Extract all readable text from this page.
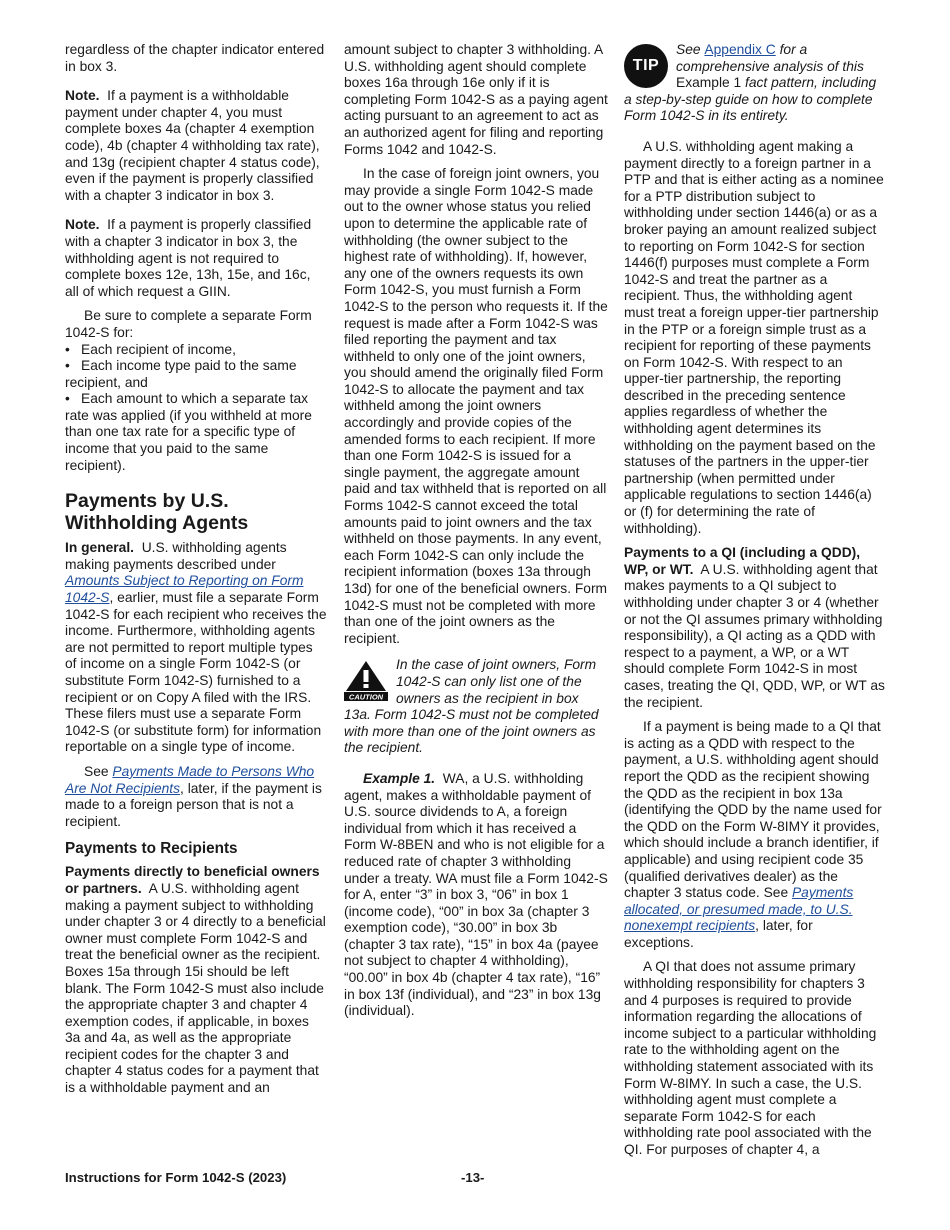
regardless of the chapter indicator entered in box 3.

Note. If a payment is a withholdable payment under chapter 4, you must complete boxes 4a (chapter 4 exemption code), 4b (chapter 4 withholding tax rate), and 13g (recipient chapter 4 status code), even if the payment is properly classified with a chapter 3 indicator in box 3.

Note. If a payment is properly classified with a chapter 3 indicator in box 3, the withholding agent is not required to complete boxes 12e, 13h, 15e, and 16c, all of which request a GIIN.

Be sure to complete a separate Form 1042-S for:

• Each recipient of income,
• Each income type paid to the same recipient, and
• Each amount to which a separate tax rate was applied (if you withheld at more than one tax rate for a specific type of income that you paid to the same recipient).
Payments by U.S. Withholding Agents

In general. U.S. withholding agents making payments described under Amounts Subject to Reporting on Form 1042-S, earlier, must file a separate Form 1042-S for each recipient who receives the income. Furthermore, withholding agents are not permitted to report multiple types of income on a single Form 1042-S (or substitute Form 1042-S) furnished to a recipient or on Copy A filed with the IRS. These filers must use a separate Form 1042-S (or substitute form) for information reportable on a single type of income.

See Payments Made to Persons Who Are Not Recipients, later, if the payment is made to a foreign person that is not a recipient.

Payments to Recipients

Payments directly to beneficial owners or partners. A U.S. withholding agent making a payment subject to withholding under chapter 3 or 4 directly to a beneficial owner must complete Form 1042-S and treat the beneficial owner as the recipient. Boxes 15a through 15i should be left blank. The Form 1042-S must also include the appropriate chapter 3 and chapter 4 exemption codes, if applicable, in boxes 3a and 4a, as well as the appropriate recipient codes for the chapter 3 and chapter 4 status codes for a payment that is a withholdable payment and an

amount subject to chapter 3 withholding. A U.S. withholding agent should complete boxes 16a through 16e only if it is completing Form 1042-S as a paying agent acting pursuant to an agreement to act as an authorized agent for filing and reporting Forms 1042 and 1042-S.

In the case of foreign joint owners, you may provide a single Form 1042-S made out to the owner whose status you relied upon to determine the applicable rate of withholding (the owner subject to the highest rate of withholding). If, however, any one of the owners requests its own Form 1042-S, you must furnish a Form 1042-S to the person who requests it. If the request is made after a Form 1042-S was filed reporting the payment and tax withheld to only one of the joint owners, you should amend the originally filed Form 1042-S to allocate the payment and tax withheld among the joint owners accordingly and provide copies of the amended forms to each recipient. If more than one Form 1042-S is issued for a single payment, the aggregate amount paid and tax withheld that is reported on all Forms 1042-S cannot exceed the total amounts paid to joint owners and the tax withheld on those payments. In any event, each Form 1042-S can only include the recipient information (boxes 13a through 13d) for one of the beneficial owners. Form 1042-S must not be completed with more than one of the joint owners as the recipient.

CAUTION
In the case of joint owners, Form 1042-S can only list one of the owners as the recipient in box 13a. Form 1042-S must not be completed with more than one of the joint owners as the recipient.

Example 1. WA, a U.S. withholding agent, makes a withholdable payment of U.S. source dividends to A, a foreign individual from which it has received a Form W-8BEN and who is not eligible for a reduced rate of chapter 3 withholding under a treaty. WA must file a Form 1042-S for A, enter “3” in box 3, “06” in box 1 (income code), “00” in box 3a (chapter 3 exemption code), “30.00” in box 3b (chapter 3 tax rate), “15” in box 4a (payee not subject to chapter 4 withholding), “00.00” in box 4b (chapter 4 tax rate), “16” in box 13f (individual), and “23” in box 13g (individual).

TIP
See Appendix C for a comprehensive analysis of this Example 1 fact pattern, including a step-by-step guide on how to complete Form 1042-S in its entirety.

A U.S. withholding agent making a payment directly to a foreign partner in a PTP and that is either acting as a nominee for a PTP distribution subject to withholding under section 1446(a) or as a broker paying an amount realized subject to reporting on Form 1042-S for section 1446(f) purposes must complete a Form 1042-S and treat the partner as a recipient. Thus, the withholding agent must treat a foreign upper-tier partnership in the PTP or a foreign simple trust as a recipient for reporting of these payments on Form 1042-S. With respect to an upper-tier partnership, the reporting described in the preceding sentence applies regardless of whether the withholding agent determines its withholding on the payment based on the statuses of the partners in the upper-tier partnership (when permitted under applicable regulations to section 1446(a) or (f) for determining the rate of withholding).

Payments to a QI (including a QDD), WP, or WT. A U.S. withholding agent that makes payments to a QI subject to withholding under chapter 3 or 4 (whether or not the QI assumes primary withholding responsibility), a QI acting as a QDD with respect to a payment, a WP, or a WT should complete Form 1042-S in most cases, treating the QI, QDD, WP, or WT as the recipient.

If a payment is being made to a QI that is acting as a QDD with respect to the payment, a U.S. withholding agent should report the QDD as the recipient showing the QDD as the recipient in box 13a (identifying the QDD by the name used for the QDD on the Form W-8IMY it provides, which should include a branch identifier, if applicable) and using recipient code 35 (qualified derivatives dealer) as the chapter 3 status code. See Payments allocated, or presumed made, to U.S. nonexempt recipients, later, for exceptions.

A QI that does not assume primary withholding responsibility for chapters 3 and 4 purposes is required to provide information regarding the allocations of income subject to a particular withholding rate to the withholding agent on the withholding statement associated with its Form W-8IMY. In such a case, the U.S. withholding agent must complete a separate Form 1042-S for each withholding rate pool associated with the QI. For purposes of chapter 4, a

Instructions for Form 1042-S (2023)	-13-
